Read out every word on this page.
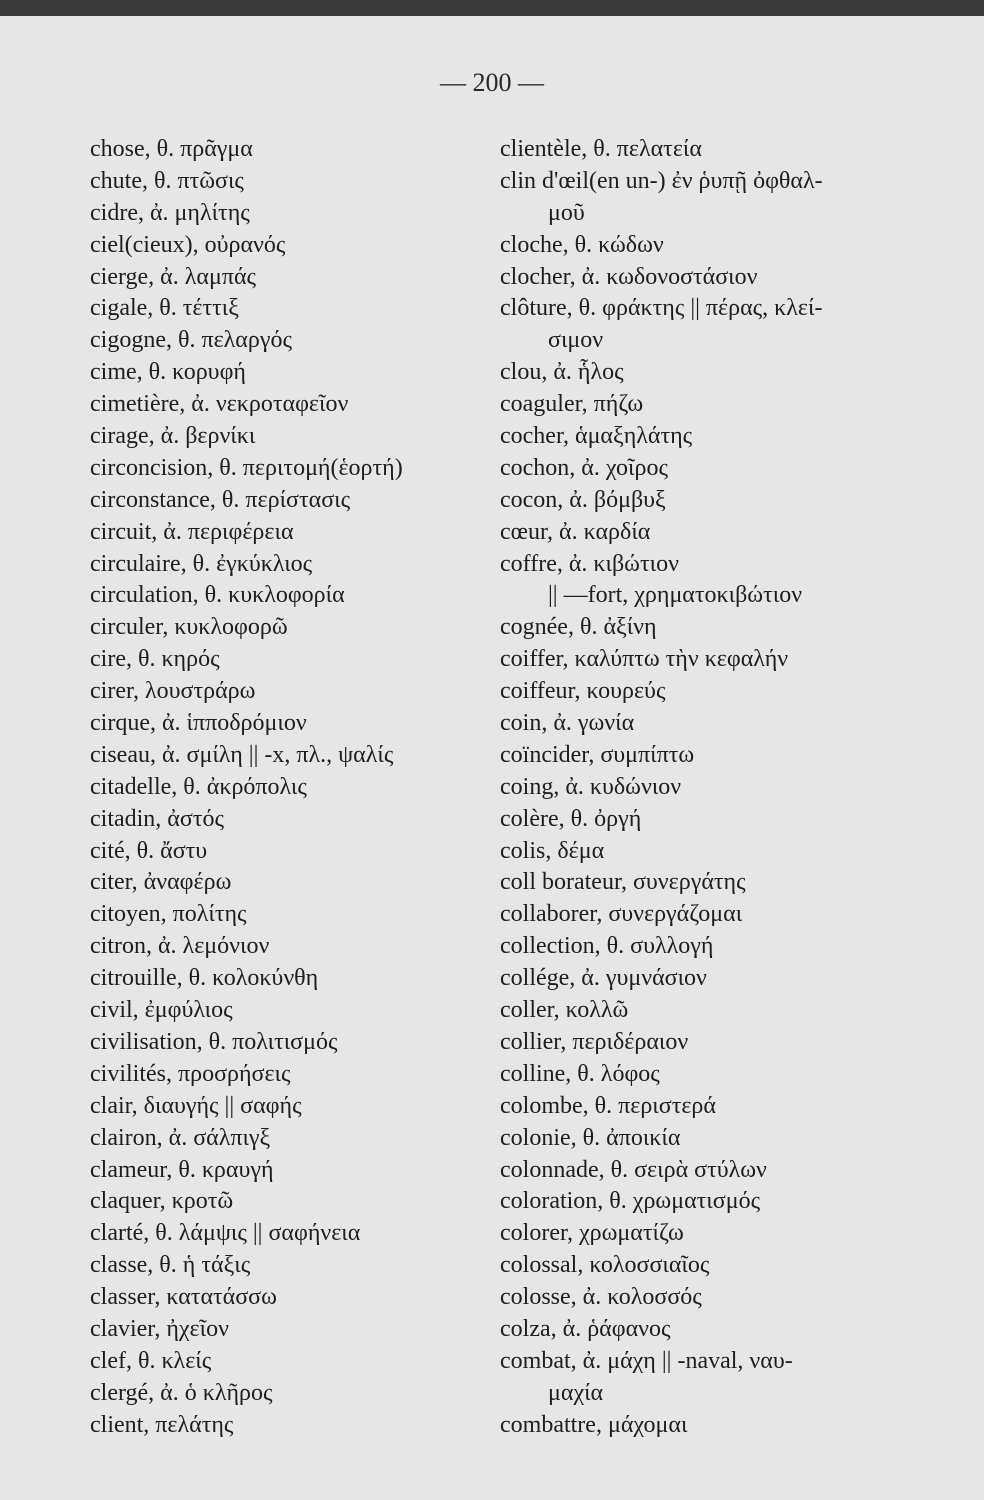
— 200 —
chose, θ. πρᾶγμα
chute, θ. πτῶσις
cidre, ἀ. μηλίτης
ciel(cieux), οὐρανός
cierge, ἀ. λαμπάς
cigale, θ. τέττιξ
cigogne, θ. πελαργός
cime, θ. κορυφή
cimetière, ἀ. νεκροταφεῖον
cirage, ἀ. βερνίκι
circoncision, θ. περιτομή(ἑορτή)
circonstance, θ. περίστασις
circuit, ἀ. περιφέρεια
circulaire, θ. ἐγκύκλιος
circulation, θ. κυκλοφορία
circuler, κυκλοφορῶ
cire, θ. κηρός
cirer, λουστράρω
cirque, ἀ. ἱπποδρόμιον
ciseau, ἀ. σμίλη || -x, πλ., ψαλίς
citadelle, θ. ἀκρόπολις
citadin, ἀστός
cité, θ. ἄστυ
citer, ἀναφέρω
citoyen, πολίτης
citron, ἀ. λεμόνιον
citrouille, θ. κολοκύνθη
civil, ἐμφύλιος
civilisation, θ. πολιτισμός
civilités, προσρήσεις
clair, διαυγής || σαφής
clairon, ἀ. σάλπιγξ
clameur, θ. κραυγή
claquer, κροτῶ
clarté, θ. λάμψις || σαφήνεια
classe, θ. ἡ τάξις
classer, κατατάσσω
clavier, ἠχεῖον
clef, θ. κλείς
clergé, ἀ. ὁ κλῆρος
client, πελάτης
clientèle, θ. πελατεία
clin d'œil(en un-) ἐν ῥυπῇ ὀφθαλ-
μοῦ
cloche, θ. κώδων
clocher, ἀ. κωδονοστάσιον
clôture, θ. φράκτης || πέρας, κλεί-
σιμον
clou, ἀ. ἧλος
coaguler, πήζω
cocher, ἁμαξηλάτης
cochon, ἀ. χοῖρος
cocon, ἀ. βόμβυξ
cœur, ἀ. καρδία
coffre, ἀ. κιβώτιον
|| —fort, χρηματοκιβώτιον
cognée, θ. ἀξίνη
coiffer, καλύπτω τὴν κεφαλήν
coiffeur, κουρεύς
coin, ἀ. γωνία
coïncider, συμπίπτω
coing, ἀ. κυδώνιον
colère, θ. ὀργή
colis, δέμα
coll borateur, συνεργάτης
collaborer, συνεργάζομαι
collection, θ. συλλογή
collége, ἀ. γυμνάσιον
coller, κολλῶ
collier, περιδέραιον
colline, θ. λόφος
colombe, θ. περιστερά
colonie, θ. ἀποικία
colonnade, θ. σειρὰ στύλων
coloration, θ. χρωματισμός
colorer, χρωματίζω
colossal, κολοσσιαῖος
colosse, ἀ. κολοσσός
colza, ἀ. ῥάφανος
combat, ἀ. μάχη || -naval, ναυ-
μαχία
combattre, μάχομαι
